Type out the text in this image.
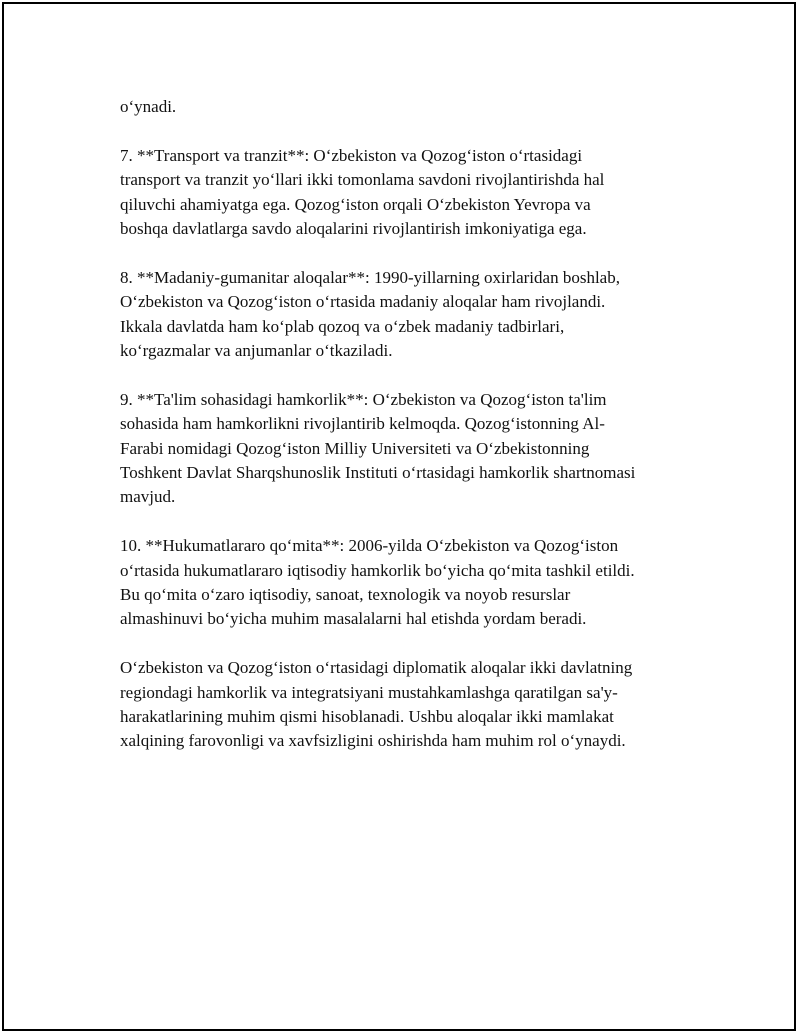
o‘ynadi.

7. **Transport va tranzit**: O‘zbekiston va Qozog‘iston o‘rtasidagi
transport va tranzit yo‘llari ikki tomonlama savdoni rivojlantirishda hal
qiluvchi ahamiyatga ega. Qozog‘iston orqali O‘zbekiston Yevropa va
boshqa davlatlarga savdo aloqalarini rivojlantirish imkoniyatiga ega.

8. **Madaniy-gumanitar aloqalar**: 1990-yillarning oxirlaridan boshlab,
O‘zbekiston va Qozog‘iston o‘rtasida madaniy aloqalar ham rivojlandi.
Ikkala davlatda ham ko‘plab qozoq va o‘zbek madaniy tadbirlari,
ko‘rgazmalar va anjumanlar o‘tkaziladi.

9. **Ta'lim sohasidagi hamkorlik**: O‘zbekiston va Qozog‘iston ta'lim
sohasida ham hamkorlikni rivojlantirib kelmoqda. Qozog‘istonning Al-
Farabi nomidagi Qozog‘iston Milliy Universiteti va O‘zbekistonning
Toshkent Davlat Sharqshunoslik Instituti o‘rtasidagi hamkorlik shartnomasi
mavjud.

10. **Hukumatlararo qo‘mita**: 2006-yilda O‘zbekiston va Qozog‘iston
o‘rtasida hukumatlararo iqtisodiy hamkorlik bo‘yicha qo‘mita tashkil etildi.
Bu qo‘mita o‘zaro iqtisodiy, sanoat, texnologik va noyob resurslar
almashinuvi bo‘yicha muhim masalalarni hal etishda yordam beradi.

O‘zbekiston va Qozog‘iston o‘rtasidagi diplomatik aloqalar ikki davlatning
regiondagi hamkorlik va integratsiyani mustahkamlashga qaratilgan sa'y-
harakatlarining muhim qismi hisoblanadi. Ushbu aloqalar ikki mamlakat
xalqining farovonligi va xavfsizligini oshirishda ham muhim rol o‘ynaydi.
